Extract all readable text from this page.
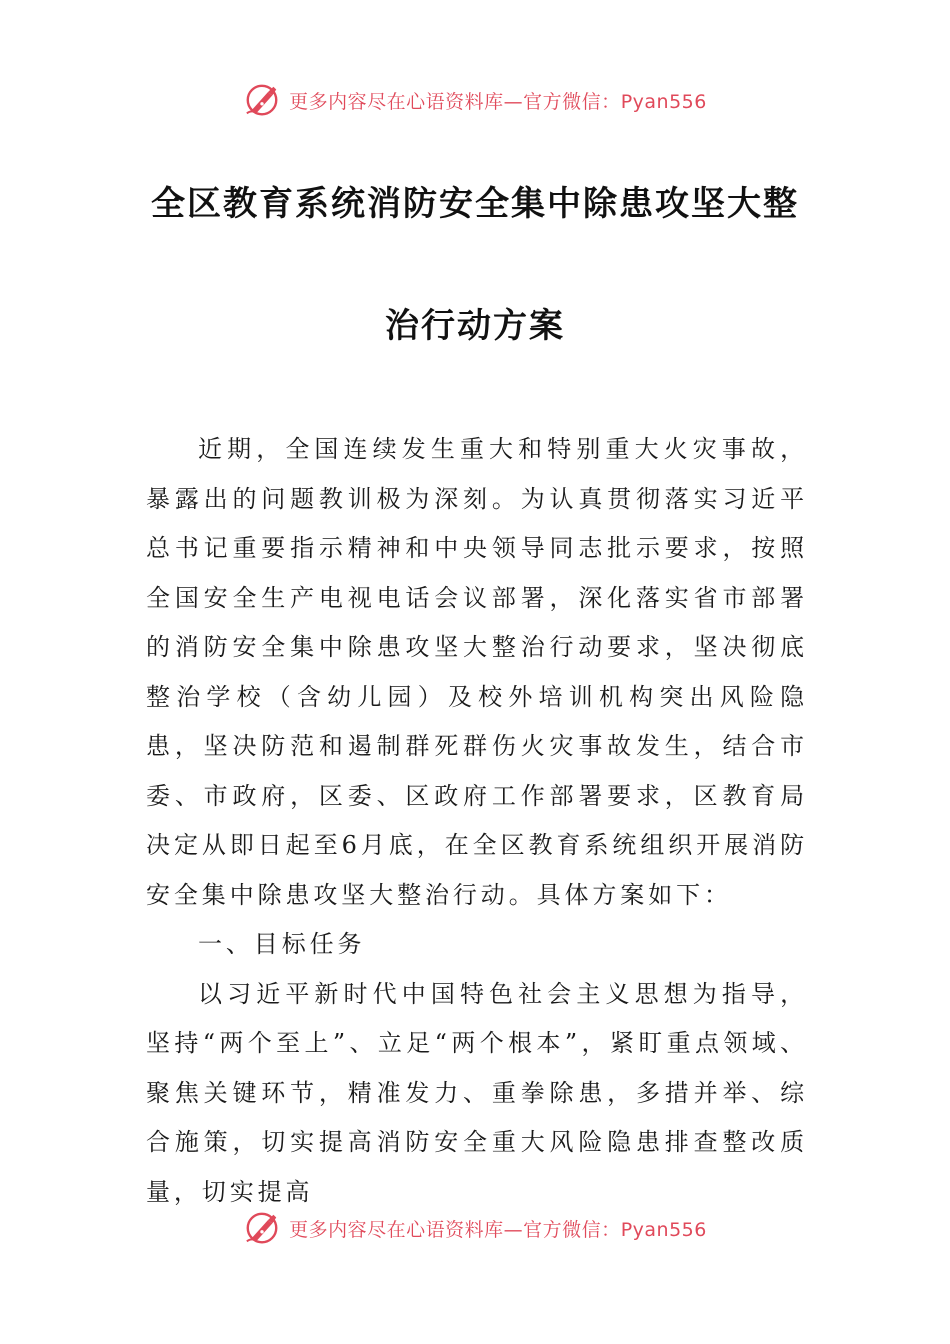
更多内容尽在心语资料库—官方微信：Pyan556
全区教育系统消防安全集中除患攻坚大整
治行动方案

近期，全国连续发生重大和特别重大火灾事故，暴露出的问题教训极为深刻。为认真贯彻落实习近平总书记重要指示精神和中央领导同志批示要求，按照全国安全生产电视电话会议部署，深化落实省市部署的消防安全集中除患攻坚大整治行动要求，坚决彻底整治学校（含幼儿园）及校外培训机构突出风险隐患，坚决防范和遏制群死群伤火灾事故发生，结合市委、市政府，区委、区政府工作部署要求，区教育局决定从即日起至6月底，在全区教育系统组织开展消防安全集中除患攻坚大整治行动。具体方案如下：

一、目标任务

以习近平新时代中国特色社会主义思想为指导，坚持“两个至上”、立足“两个根本”，紧盯重点领域、聚焦关键环节，精准发力、重拳除患，多措并举、综合施策，切实提高消防安全重大风险隐患排查整改质量，切实提高

更多内容尽在心语资料库—官方微信：Pyan556
